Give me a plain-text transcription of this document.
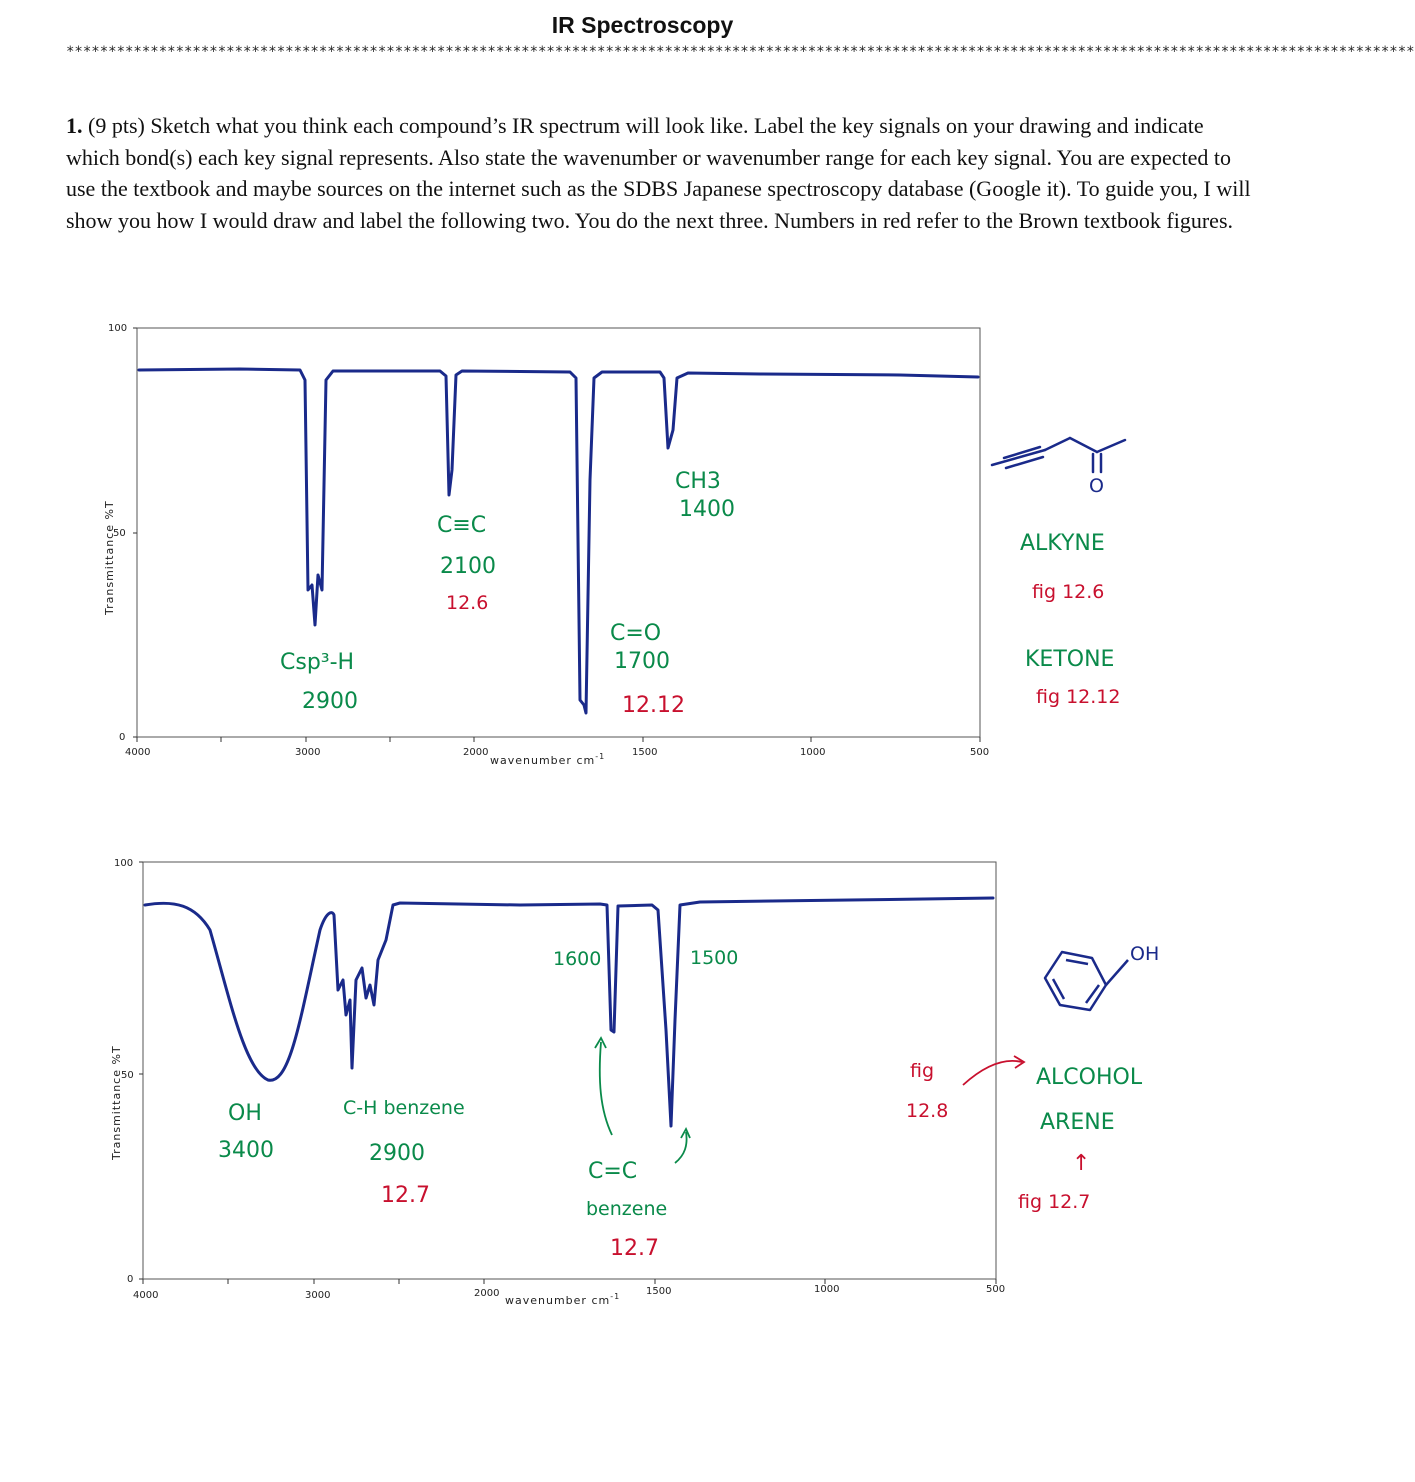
IR Spectroscopy
****************************************************************************************************************************************************************
1. (9 pts) Sketch what you think each compound’s IR spectrum will look like. Label the key signals on your drawing and indicate which bond(s) each key signal represents. Also state the wavenumber or wavenumber range for each key signal. You are expected to use the textbook and maybe sources on the internet such as the SDBS Japanese spectroscopy database (Google it). To guide you, I will show you how I would draw and label the following two. You do the next three. Numbers in red refer to the Brown textbook figures.
100
50
0
Transmittance %T
4000	3000	2000	1500	1000	500
wavenumber $cm^{-1}$
Csp³-H
2900
C≡C
2100
12.6
C=O
1700
12.12
CH3
1400
O
ALKYNE
fig 12.6
KETONE
fig 12.12
100
50
0
Transmittance %T
4000	3000	2000	1500	1000	500
wavenumber $cm^{-1}$
OH
3400
C-H benzene
2900
12.7
1600	1500
C=C
benzene
12.7
fig
12.8
OH
ALCOHOL
ARENE
↑
fig 12.7
